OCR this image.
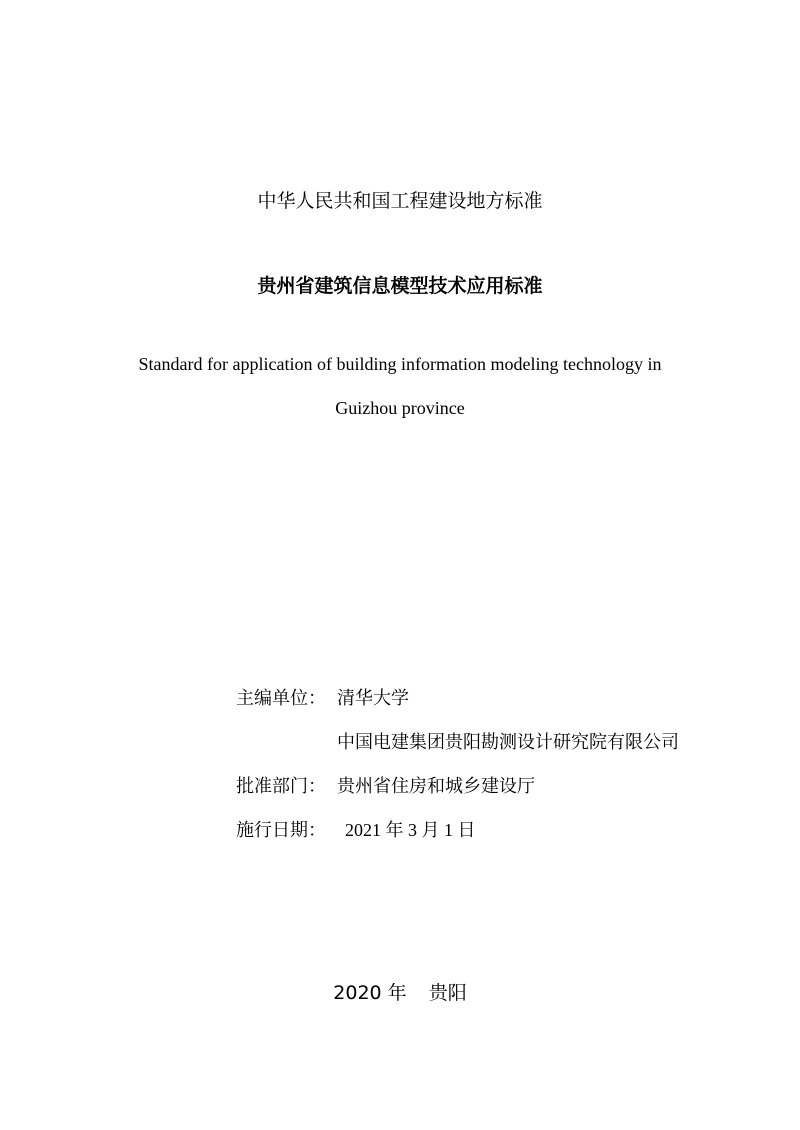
中华人民共和国工程建设地方标准
贵州省建筑信息模型技术应用标准
Standard for application of building information modeling technology in
Guizhou province
主编单位： 清华大学
中国电建集团贵阳勘测设计研究院有限公司
批准部门： 贵州省住房和城乡建设厅
施行日期：	2021 年 3 月 1 日
2020 年 贵阳
